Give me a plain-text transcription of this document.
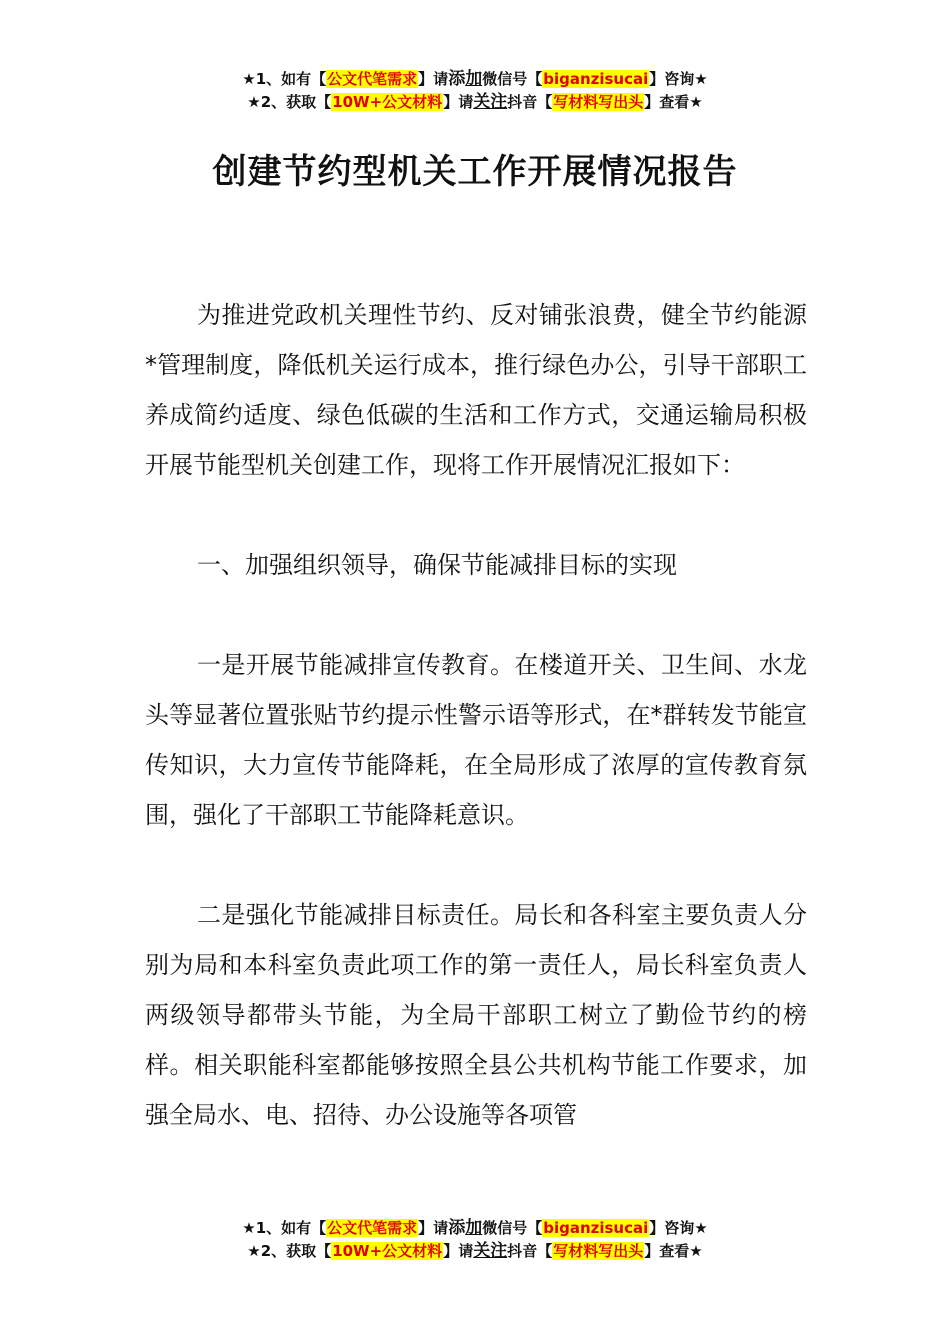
★1、如有【公文代笔需求】请添加微信号【biganzisucai】咨询★
★2、获取【10W+公文材料】请关注抖音【写材料写出头】查看★
创建节约型机关工作开展情况报告

为推进党政机关理性节约、反对铺张浪费，健全节约能源*管理制度，降低机关运行成本，推行绿色办公，引导干部职工养成简约适度、绿色低碳的生活和工作方式，交通运输局积极开展节能型机关创建工作，现将工作开展情况汇报如下：

一、加强组织领导，确保节能减排目标的实现

一是开展节能减排宣传教育。在楼道开关、卫生间、水龙头等显著位置张贴节约提示性警示语等形式，在*群转发节能宣传知识，大力宣传节能降耗，在全局形成了浓厚的宣传教育氛围，强化了干部职工节能降耗意识。

二是强化节能减排目标责任。局长和各科室主要负责人分别为局和本科室负责此项工作的第一责任人，局长科室负责人两级领导都带头节能，为全局干部职工树立了勤俭节约的榜样。相关职能科室都能够按照全县公共机构节能工作要求，加强全局水、电、招待、办公设施等各项管

★1、如有【公文代笔需求】请添加微信号【biganzisucai】咨询★
★2、获取【10W+公文材料】请关注抖音【写材料写出头】查看★
